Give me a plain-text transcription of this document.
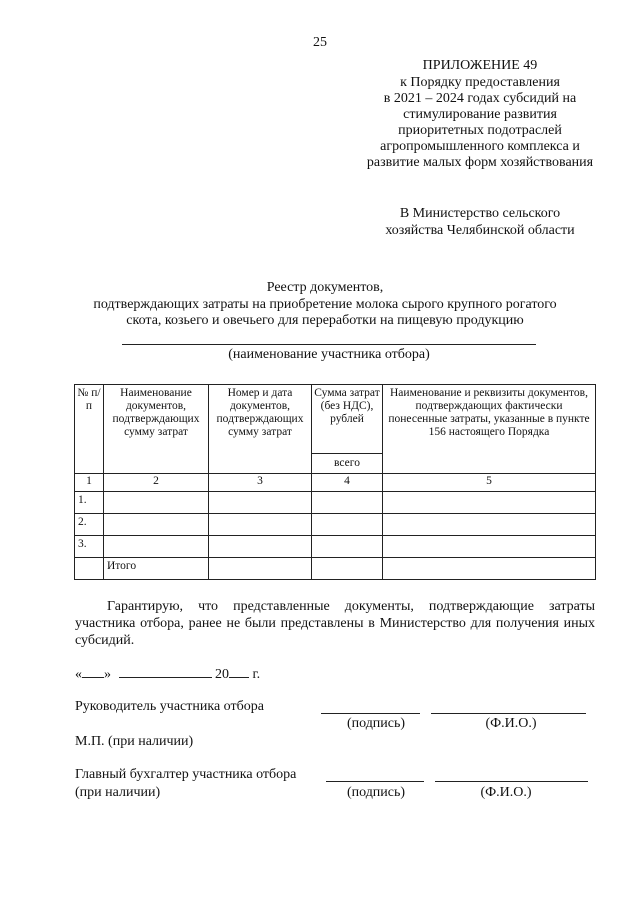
25
ПРИЛОЖЕНИЕ 49
к Порядку предоставления
в 2021 – 2024 годах субсидий на
стимулирование развития
приоритетных подотраслей
агропромышленного комплекса и
развитие малых форм хозяйствования
В Министерство сельского
хозяйства Челябинской области
Реестр документов,
подтверждающих затраты на приобретение молока сырого крупного рогатого
скота, козьего и овечьего для переработки на пищевую продукцию
(наименование участника отбора)
№ п/п	Наименование документов, подтверждающих сумму затрат	Номер и дата документов, подтверждающих сумму затрат	Сумма затрат (без НДС), рублей	Наименование и реквизиты документов, подтверждающих фактически понесенные затраты, указанные в пункте 156 настоящего Порядка
			всего	
1	2	3	4	5
1.				
2.				
3.				
	Итого			

Гарантирую, что представленные документы, подтверждающие затраты участника отбора, ранее не были представлены в Министерство для получения иных субсидий.

« »	20 г.
Руководитель участника отбора
(подпись)	(Ф.И.О.)
М.П. (при наличии)
Главный бухгалтер участника отбора
(при наличии)	(подпись)	(Ф.И.О.)
